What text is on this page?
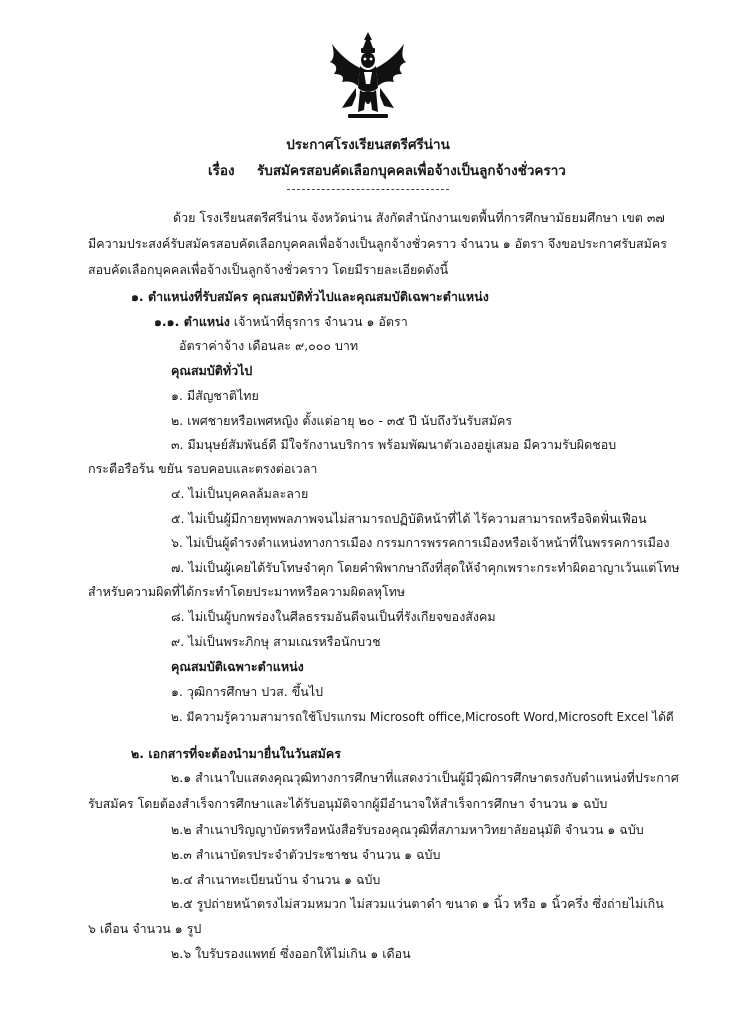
ประกาศโรงเรียนสตรีศรีน่าน
เรื่อง รับสมัครสอบคัดเลือกบุคคลเพื่อจ้างเป็นลูกจ้างชั่วคราว
ด้วย โรงเรียนสตรีศรีน่าน จังหวัดน่าน สังกัดสำนักงานเขตพื้นที่การศึกษามัธยมศึกษา เขต ๓๗
มีความประสงค์รับสมัครสอบคัดเลือกบุคคลเพื่อจ้างเป็นลูกจ้างชั่วคราว จำนวน ๑ อัตรา จึงขอประกาศรับสมัคร
สอบคัดเลือกบุคคลเพื่อจ้างเป็นลูกจ้างชั่วคราว โดยมีรายละเอียดดังนี้
๑. ตำแหน่งที่รับสมัคร คุณสมบัติทั่วไปและคุณสมบัติเฉพาะตำแหน่ง
๑.๑. ตำแหน่ง เจ้าหน้าที่ธุรการ จำนวน ๑ อัตรา
อัตราค่าจ้าง เดือนละ ๙,๐๐๐ บาท
คุณสมบัติทั่วไป
๑. มีสัญชาติไทย
๒. เพศชายหรือเพศหญิง ตั้งแต่อายุ ๒๐ - ๓๕ ปี นับถึงวันรับสมัคร
๓. มีมนุษย์สัมพันธ์ดี มีใจรักงานบริการ พร้อมพัฒนาตัวเองอยู่เสมอ มีความรับผิดชอบ
กระตือรือร้น ขยัน รอบคอบและตรงต่อเวลา
๔. ไม่เป็นบุคคลล้มละลาย
๕. ไม่เป็นผู้มีกายทุพพลภาพจนไม่สามารถปฏิบัติหน้าที่ได้ ไร้ความสามารถหรือจิตฟั่นเฟือน
๖. ไม่เป็นผู้ดำรงตำแหน่งทางการเมือง กรรมการพรรคการเมืองหรือเจ้าหน้าที่ในพรรคการเมือง
๗. ไม่เป็นผู้เคยได้รับโทษจำคุก โดยคำพิพากษาถึงที่สุดให้จำคุกเพราะกระทำผิดอาญาเว้นแต่โทษ
สำหรับความผิดที่ได้กระทำโดยประมาทหรือความผิดลหุโทษ
๘. ไม่เป็นผู้บกพร่องในศีลธรรมอันดีจนเป็นที่รังเกียจของสังคม
๙. ไม่เป็นพระภิกษุ สามเณรหรือนักบวช
คุณสมบัติเฉพาะตำแหน่ง
๑. วุฒิการศึกษา ปวส. ขึ้นไป
๒. มีความรู้ความสามารถใช้โปรแกรม Microsoft office,Microsoft Word,Microsoft Excel ได้ดี
๒. เอกสารที่จะต้องนำมายื่นในวันสมัคร
๒.๑ สำเนาใบแสดงคุณวุฒิทางการศึกษาที่แสดงว่าเป็นผู้มีวุฒิการศึกษาตรงกับตำแหน่งที่ประกาศ
รับสมัคร โดยต้องสำเร็จการศึกษาและได้รับอนุมัติจากผู้มีอำนาจให้สำเร็จการศึกษา จำนวน ๑ ฉบับ
๒.๒ สำเนาปริญญาบัตรหรือหนังสือรับรองคุณวุฒิที่สภามหาวิทยาลัยอนุมัติ จำนวน ๑ ฉบับ
๒.๓ สำเนาบัตรประจำตัวประชาชน จำนวน ๑ ฉบับ
๒.๔ สำเนาทะเบียนบ้าน จำนวน ๑ ฉบับ
๒.๕ รูปถ่ายหน้าตรงไม่สวมหมวก ไม่สวมแว่นตาดำ ขนาด ๑ นิ้ว หรือ ๑ นิ้วครึ่ง ซึ่งถ่ายไม่เกิน
๖ เดือน จำนวน ๑ รูป
๒.๖ ใบรับรองแพทย์ ซึ่งออกให้ไม่เกิน ๑ เดือน
